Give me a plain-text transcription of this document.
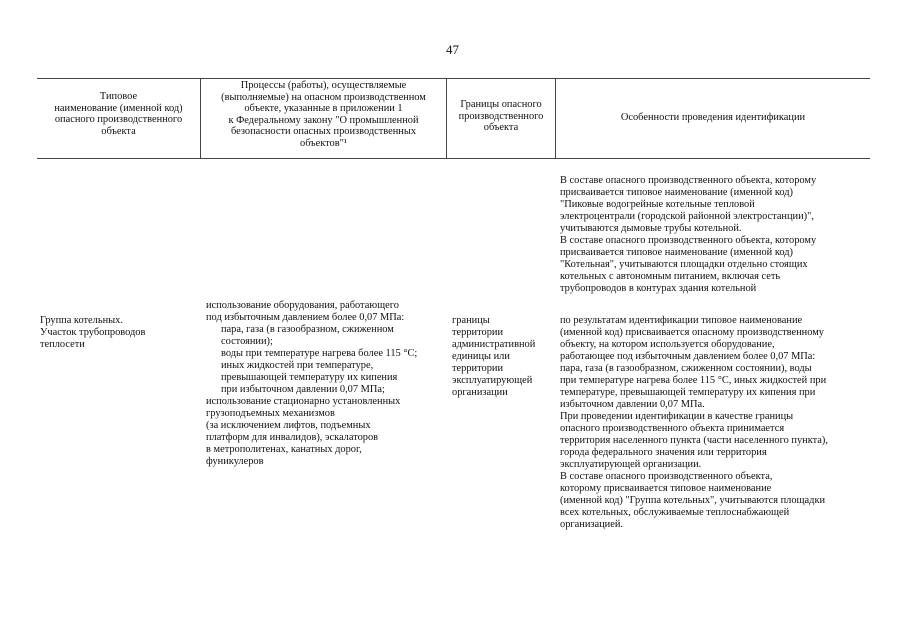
47
Типовое
наименование (именной код)
опасного производственного
объекта
Процессы (работы), осуществляемые
(выполняемые) на опасном производственном
объекте, указанные в приложении 1
к Федеральному закону "О промышленной
безопасности опасных производственных
объектов"¹
Границы опасного
производственного
объекта
Особенности проведения идентификации
В составе опасного производственного объекта, которому
присваивается типовое наименование (именной код)
"Пиковые водогрейные котельные тепловой
электроцентрали (городской районной электростанции)",
учитываются дымовые трубы котельной.
В составе опасного производственного объекта, которому
присваивается типовое наименование (именной код)
"Котельная", учитываются площадки отдельно стоящих
котельных с автономным питанием, включая сеть
трубопроводов в контурах здания котельной
Группа котельных.
Участок трубопроводов
теплосети
использование оборудования, работающего
под избыточным давлением более 0,07 МПа:
пара, газа (в газообразном, сжиженном
состоянии);
воды при температуре нагрева более 115 °C;
иных жидкостей при температуре,
превышающей температуру их кипения
при избыточном давлении 0,07 МПа;
использование стационарно установленных
грузоподъемных механизмов
(за исключением лифтов, подъемных
платформ для инвалидов), эскалаторов
в метрополитенах, канатных дорог,
фуникулеров
границы
территории
административной
единицы или
территории
эксплуатирующей
организации
по результатам идентификации типовое наименование
(именной код) присваивается опасному производственному
объекту, на котором используется оборудование,
работающее под избыточным давлением более 0,07 МПа:
пара, газа (в газообразном, сжиженном состоянии), воды
при температуре нагрева более 115 °C, иных жидкостей при
температуре, превышающей температуру их кипения при
избыточном давлении 0,07 МПа.
При проведении идентификации в качестве границы
опасного производственного объекта принимается
территория населенного пункта (части населенного пункта),
города федерального значения или территория
эксплуатирующей организации.
В составе опасного производственного объекта,
которому присваивается типовое наименование
(именной код) "Группа котельных", учитываются площадки
всех котельных, обслуживаемые теплоснабжающей
организацией.
